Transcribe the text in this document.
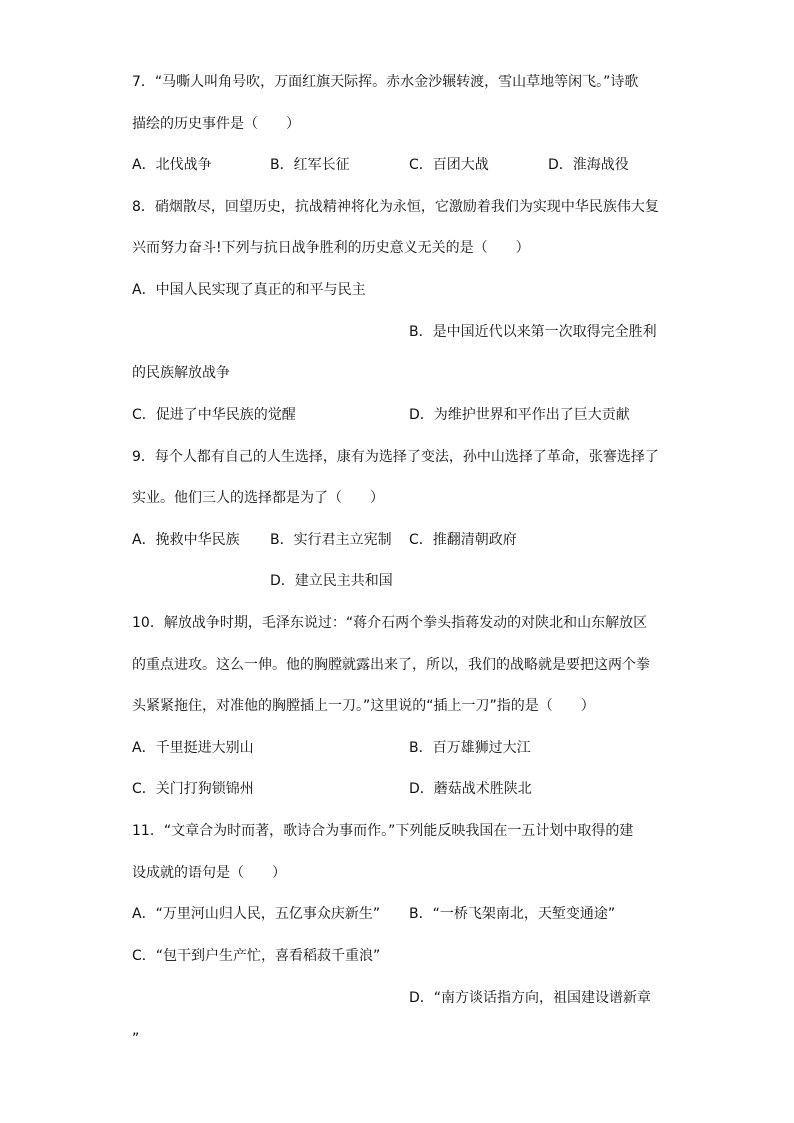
7．“马嘶人叫角号吹，万面红旗天际挥。赤水金沙辗转渡，雪山草地等闲飞。”诗歌
描绘的历史事件是（　　）
A．北伐战争	B．红军长征	C．百团大战	D．淮海战役
8．硝烟散尽，回望历史，抗战精神将化为永恒，它激励着我们为实现中华民族伟大复
兴而努力奋斗!下列与抗日战争胜利的历史意义无关的是（　　）
A．中国人民实现了真正的和平与民主
B．是中国近代以来第一次取得完全胜利
的民族解放战争
C．促进了中华民族的觉醒	D．为维护世界和平作出了巨大贡献
9．每个人都有自己的人生选择，康有为选择了变法，孙中山选择了革命，张謇选择了
实业。他们三人的选择都是为了（　　）
A．挽救中华民族 B．实行君主立宪制 C．推翻清朝政府
D．建立民主共和国
10．解放战争时期，毛泽东说过：“蒋介石两个拳头指蒋发动的对陕北和山东解放区
的重点进攻。这么一伸。他的胸膛就露出来了，所以，我们的战略就是要把这两个拳
头紧紧拖住，对准他的胸膛插上一刀。”这里说的“插上一刀”指的是（　　）
A．千里挺进大别山	B．百万雄狮过大江
C．关门打狗锁锦州	D．蘑菇战术胜陕北
11．“文章合为时而著，歌诗合为事而作。”下列能反映我国在一五计划中取得的建
设成就的语句是（　　）
A．“万里河山归人民，五亿事众庆新生” B．“一桥飞架南北，天堑变通途”
C．“包干到户生产忙，喜看稻菽千重浪”
D．“南方谈话指方向，祖国建设谱新章
”
